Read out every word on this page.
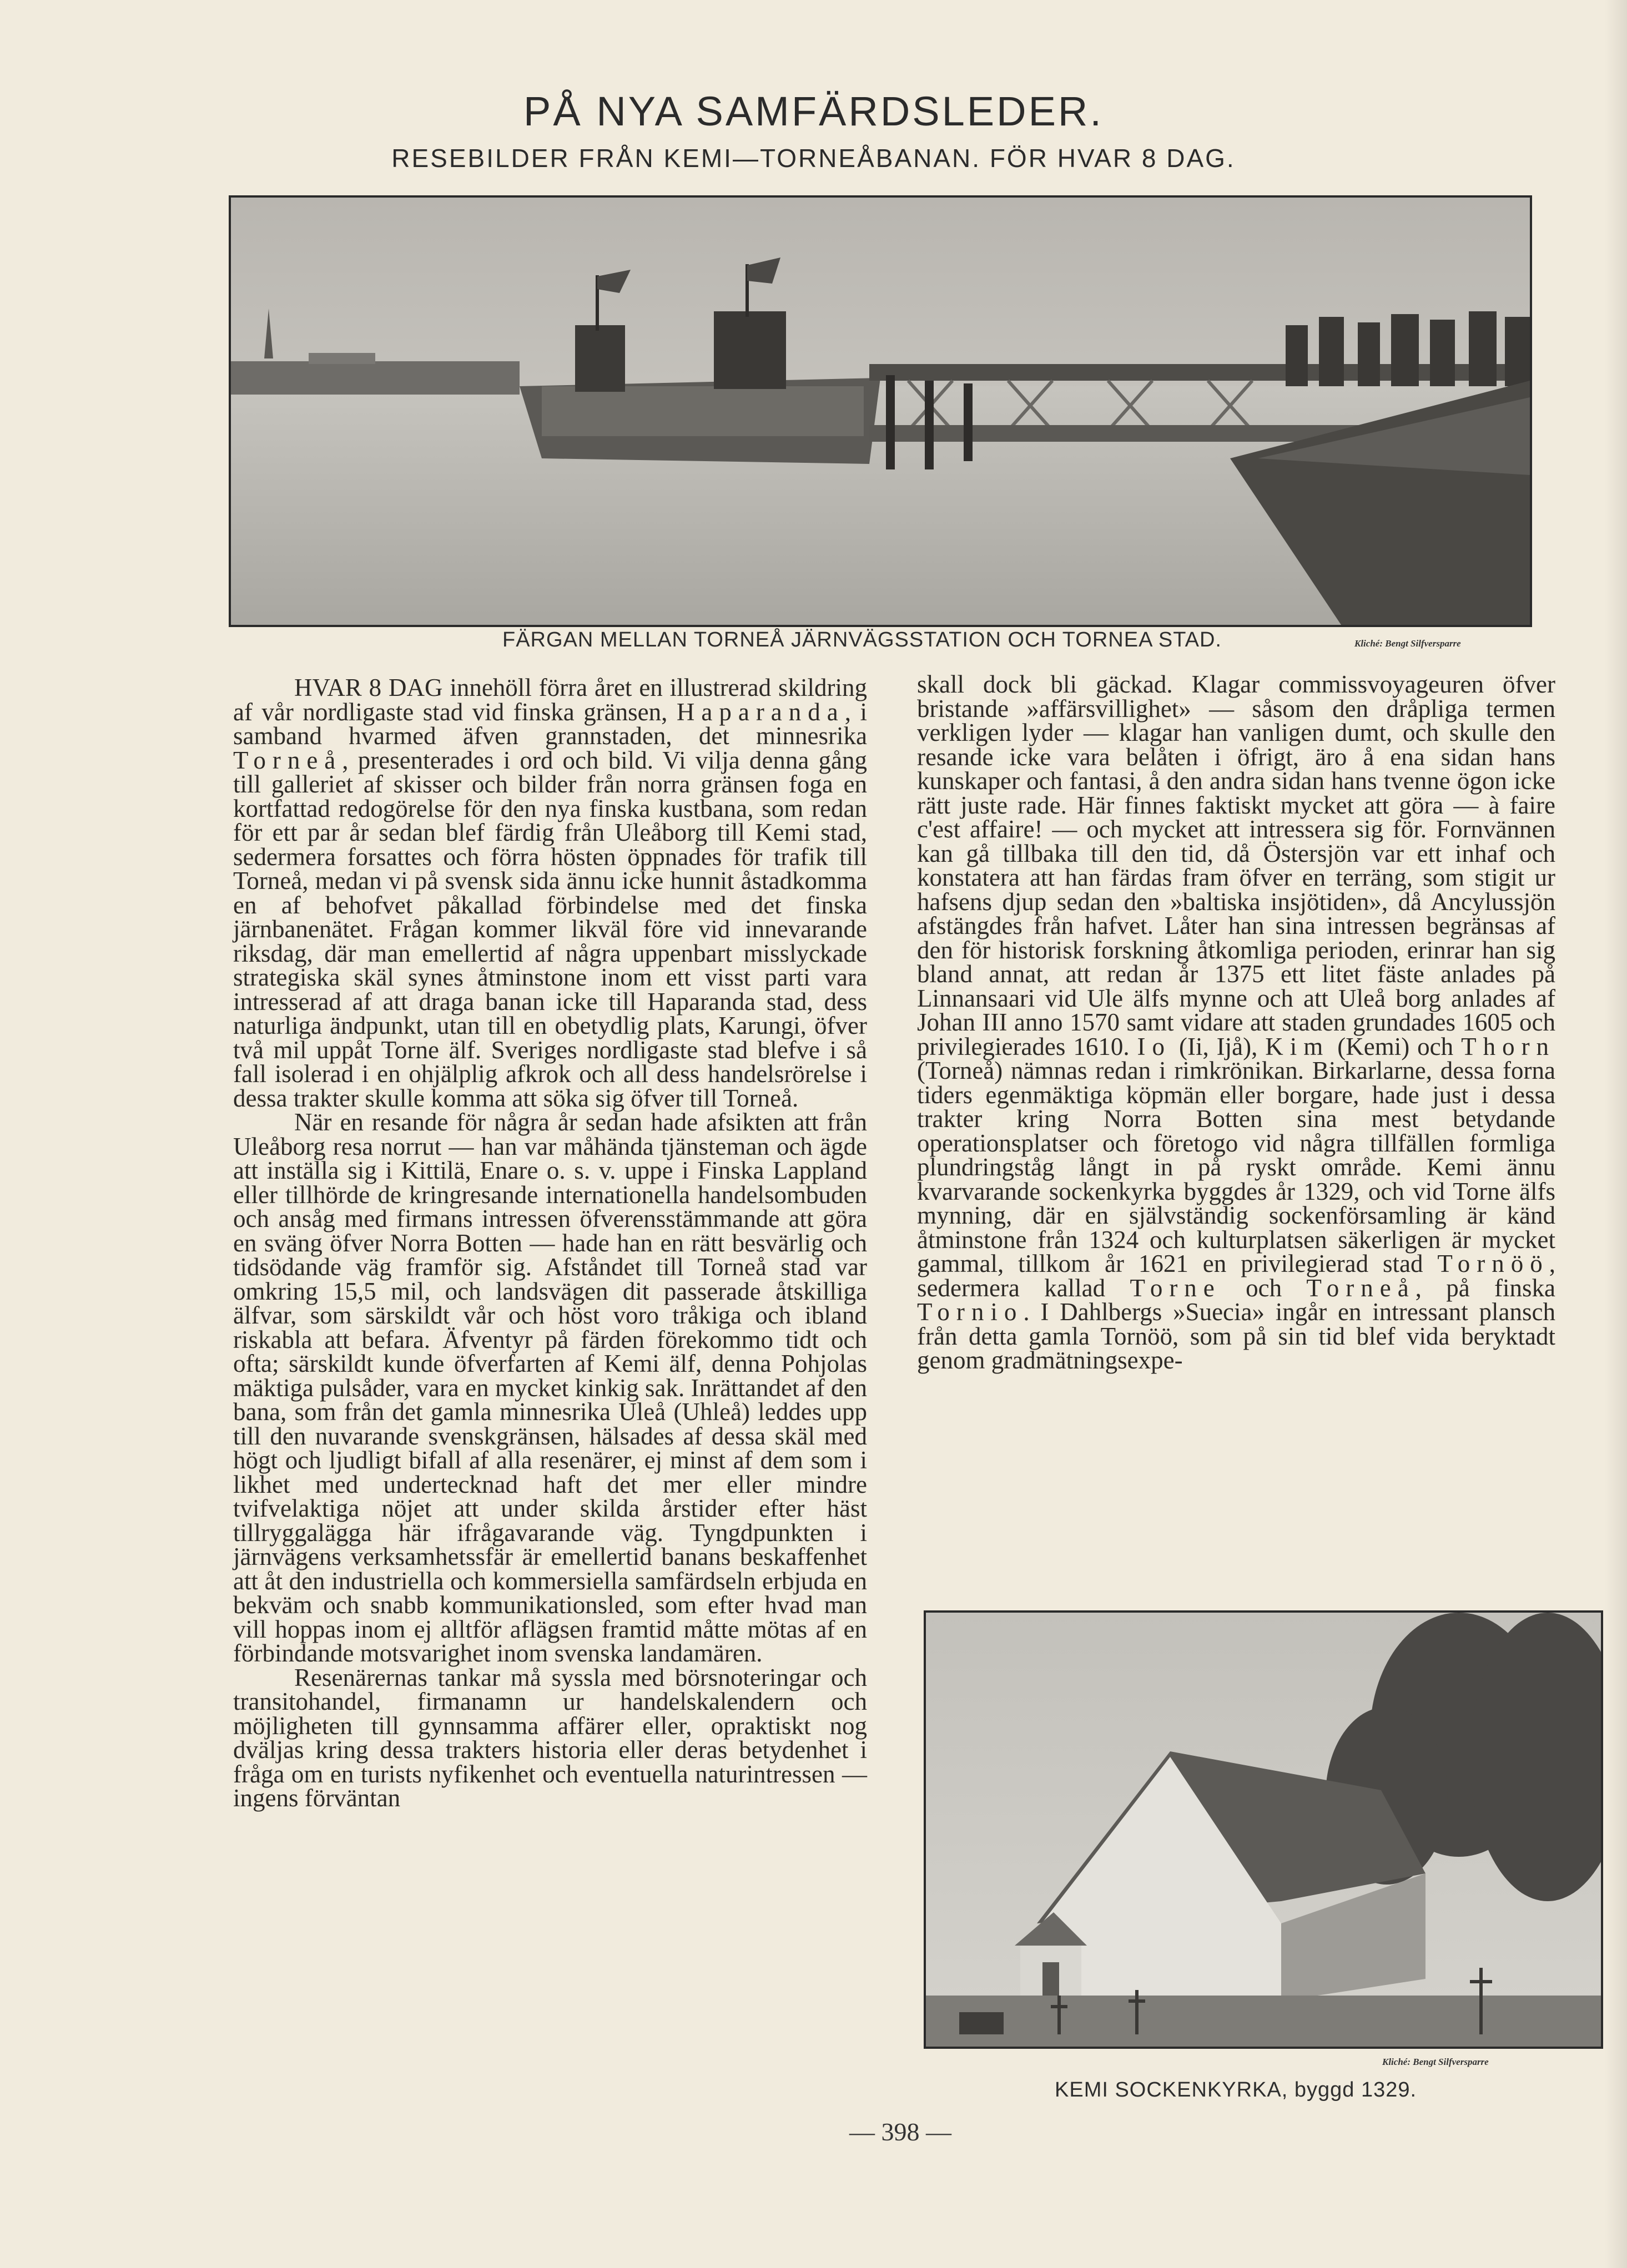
PÅ NYA SAMFÄRDSLEDER.
RESEBILDER FRÅN KEMI—TORNEÅBANAN. FÖR HVAR 8 DAG.
FÄRGAN MELLAN TORNEÅ JÄRNVÄGSSTATION OCH TORNEA STAD.	Kliché: Bengt Silfversparre

HVAR 8 DAG innehöll förra året en illustrerad skildring af vår nordligaste stad vid finska gränsen, Haparanda, i samband hvarmed äfven grannstaden, det minnesrika Torneå, presenterades i ord och bild. Vi vilja denna gång till galleriet af skisser och bilder från norra gränsen foga en kortfattad redogörelse för den nya finska kustbana, som redan för ett par år sedan blef färdig från Uleåborg till Kemi stad, sedermera forsattes och förra hösten öppnades för trafik till Torneå, medan vi på svensk sida ännu icke hunnit åstadkomma en af behofvet påkallad förbindelse med det finska järnbanenätet. Frågan kommer likväl före vid innevarande riksdag, där man emellertid af några uppenbart misslyckade strategiska skäl synes åtminstone inom ett visst parti vara intresserad af att draga banan icke till Haparanda stad, dess naturliga ändpunkt, utan till en obetydlig plats, Karungi, öfver två mil uppåt Torne älf. Sveriges nordligaste stad blefve i så fall isolerad i en ohjälplig afkrok och all dess handelsrörelse i dessa trakter skulle komma att söka sig öfver till Torneå.

När en resande för några år sedan hade afsikten att från Uleåborg resa norrut — han var måhända tjänsteman och ägde att inställa sig i Kittilä, Enare o. s. v. uppe i Finska Lappland eller tillhörde de kringresande internationella handelsombuden och ansåg med firmans intressen öfverensstämmande att göra en sväng öfver Norra Botten — hade han en rätt besvärlig och tidsödande väg framför sig. Afståndet till Torneå stad var omkring 15,5 mil, och landsvägen dit passerade åtskilliga älfvar, som särskildt vår och höst voro tråkiga och ibland riskabla att befara. Äfventyr på färden förekommo tidt och ofta; särskildt kunde öfverfarten af Kemi älf, denna Pohjolas mäktiga pulsåder, vara en mycket kinkig sak. Inrättandet af den bana, som från det gamla minnesrika Uleå (Uhleå) leddes upp till den nuvarande svenskgränsen, hälsades af dessa skäl med högt och ljudligt bifall af alla resenärer, ej minst af dem som i likhet med undertecknad haft det mer eller mindre tvifvelaktiga nöjet att under skilda årstider efter häst tillryggalägga här ifrågavarande väg. Tyngdpunkten i järnvägens verksamhetssfär är emellertid banans beskaffenhet att åt den industriella och kommersiella samfärdseln erbjuda en bekväm och snabb kommunikationsled, som efter hvad man vill hoppas inom ej alltför aflägsen framtid måtte mötas af en förbindande motsvarighet inom svenska landamären.

Resenärernas tankar må syssla med börsnoteringar och transitohandel, firmanamn ur handelskalendern och möjligheten till gynnsamma affärer eller, opraktiskt nog dväljas kring dessa trakters historia eller deras betydenhet i fråga om en turists nyfikenhet och eventuella naturintressen — ingens förväntan

skall dock bli gäckad. Klagar commissvoyageuren öfver bristande »affärsvillighet» — såsom den dråpliga termen verkligen lyder — klagar han vanligen dumt, och skulle den resande icke vara belåten i öfrigt, äro å ena sidan hans kunskaper och fantasi, å den andra sidan hans tvenne ögon icke rätt juste rade. Här finnes faktiskt mycket att göra — à faire c'est affaire! — och mycket att intressera sig för. Fornvännen kan gå tillbaka till den tid, då Östersjön var ett inhaf och konstatera att han färdas fram öfver en terräng, som stigit ur hafsens djup sedan den »baltiska insjötiden», då Ancylussjön afstängdes från hafvet. Låter han sina intressen begränsas af den för historisk forskning åtkomliga perioden, erinrar han sig bland annat, att redan år 1375 ett litet fäste anlades på Linnansaari vid Ule älfs mynne och att Uleå borg anlades af Johan III anno 1570 samt vidare att staden grundades 1605 och privilegierades 1610. Io (Ii, Ijå), Kim (Kemi) och Thorn (Torneå) nämnas redan i rimkrönikan. Birkarlarne, dessa forna tiders egenmäktiga köpmän eller borgare, hade just i dessa trakter kring Norra Botten sina mest betydande operationsplatser och företogo vid några tillfällen formliga plundringståg långt in på ryskt område. Kemi ännu kvarvarande sockenkyrka byggdes år 1329, och vid Torne älfs mynning, där en självständig sockenförsamling är känd åtminstone från 1324 och kulturplatsen säkerligen är mycket gammal, tillkom år 1621 en privilegierad stad Tornöö, sedermera kallad Torne och Torneå, på finska Tornio. I Dahlbergs »Suecia» ingår en intressant plansch från detta gamla Tornöö, som på sin tid blef vida beryktadt genom gradmätningsexpe-

Kliché: Bengt Silfversparre
KEMI SOCKENKYRKA, byggd 1329.
— 398 —
